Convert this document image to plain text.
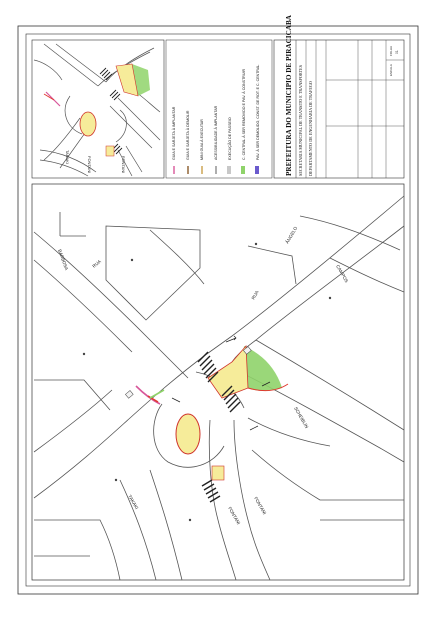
TAKAKI	FONTANI	FONTANI
GUIA E SARJETA À IMPLANTAR	GUIA E SARJETA À DEMOLIR	MINI GUIA À EXECUTAR	ACESSIBILIDADE À IMPLANTAR	EXECUÇÃO DE PASSEIO	C. CENTRAL À SER REMOVIDO E PAV. À CONSTRUIR	PAV. À SER DEMOLIDO, CONST. DE ROT. E C. CENTRAL	PREFEITURA DO MUNICIPIO DE PIRACICABA SECRETARIA MUNICIPAL DE TRANSITO E TRANSPORTES DEPARTAMENTO DE ENGENHARIA DE TRAFEGO
FOLHA 01
ESCALA
RUA
BARBOSA
RUA
ÂNGELO
CAMPOS
SCHEIBLIN
TAKAKI
FONTANI
FONTANI
